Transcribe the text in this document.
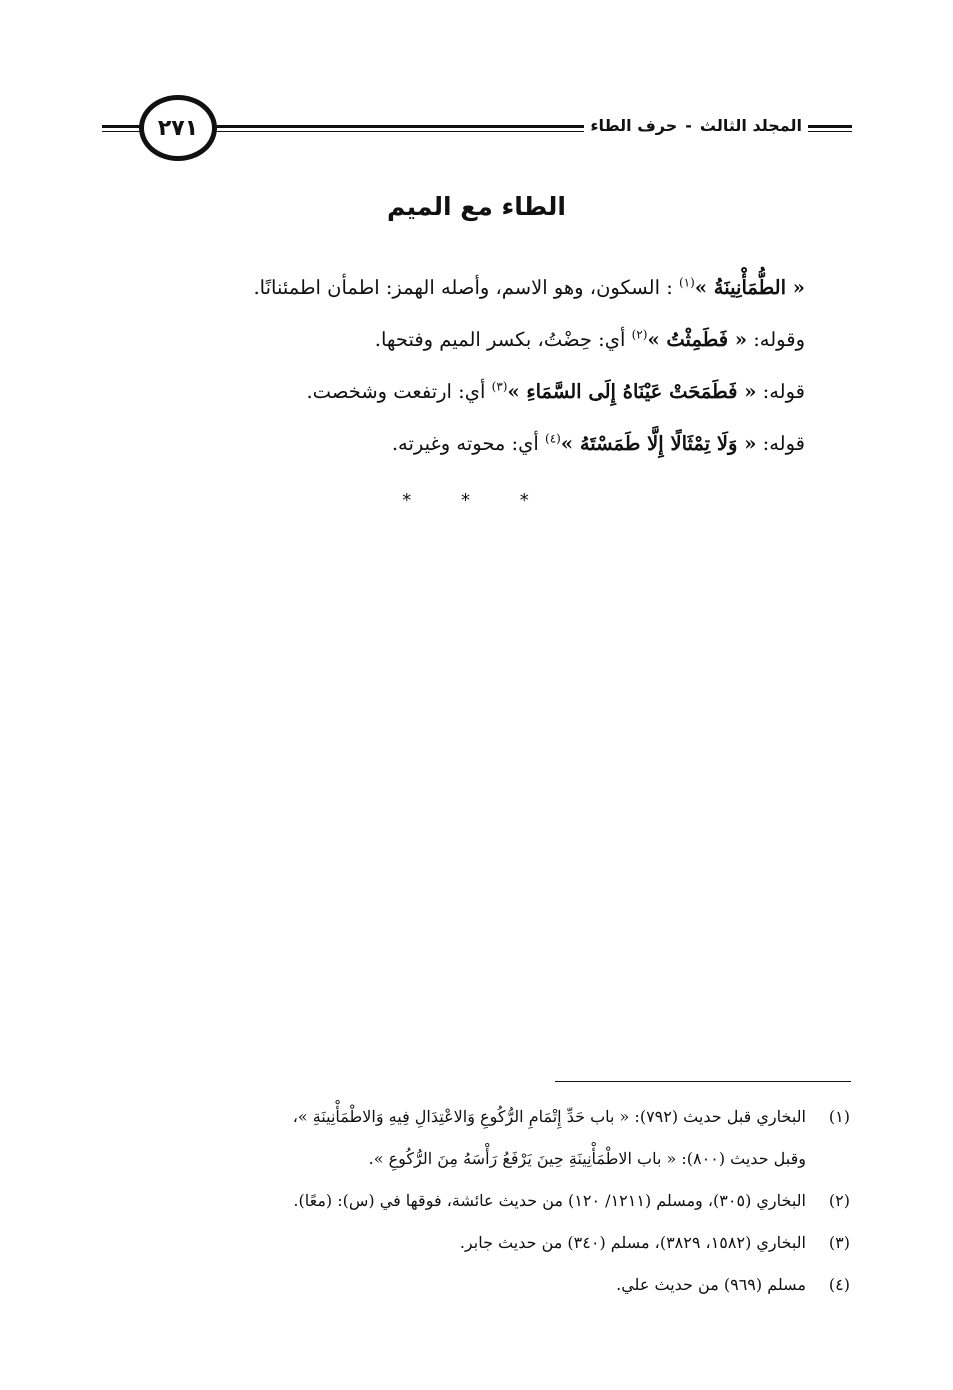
٢٧١	المجلد الثالث-حرف الطاء
الطاء مع الميم

« الطُّمَأْنِينَةُ »$^{(١)}$ : السكون، وهو الاسم، وأصله الهمز: اطمأن اطمئنانًا.

وقوله: « فَطَمِثْتُ »$^{(٢)}$ أي: حِضْتُ، بكسر الميم وفتحها.

قوله: « فَطَمَحَتْ عَيْنَاهُ إِلَى السَّمَاءِ »$^{(٣)}$ أي: ارتفعت وشخصت.

قوله: « وَلَا تِمْثَالًا إِلَّا طَمَسْتَهُ »$^{(٤)}$ أي: محوته وغيرته.

* * *
(١)
البخاري قبل حديث (٧٩٢): « باب حَدِّ إِتْمَامِ الرُّكُوعِ وَالاعْتِدَالِ فِيهِ وَالاطْمَأْنِينَةِ »،
وقبل حديث (٨٠٠): « باب الاطْمَأْنِينَةِ حِينَ يَرْفَعُ رَأْسَهُ مِنَ الرُّكُوعِ ».
(٢)
البخاري (٣٠٥)، ومسلم (١٢١١/ ١٢٠) من حديث عائشة، فوقها في (س): (معًا).
(٣)
البخاري (١٥٨٢، ٣٨٢٩)، مسلم (٣٤٠) من حديث جابر.
(٤)
مسلم (٩٦٩) من حديث علي.
